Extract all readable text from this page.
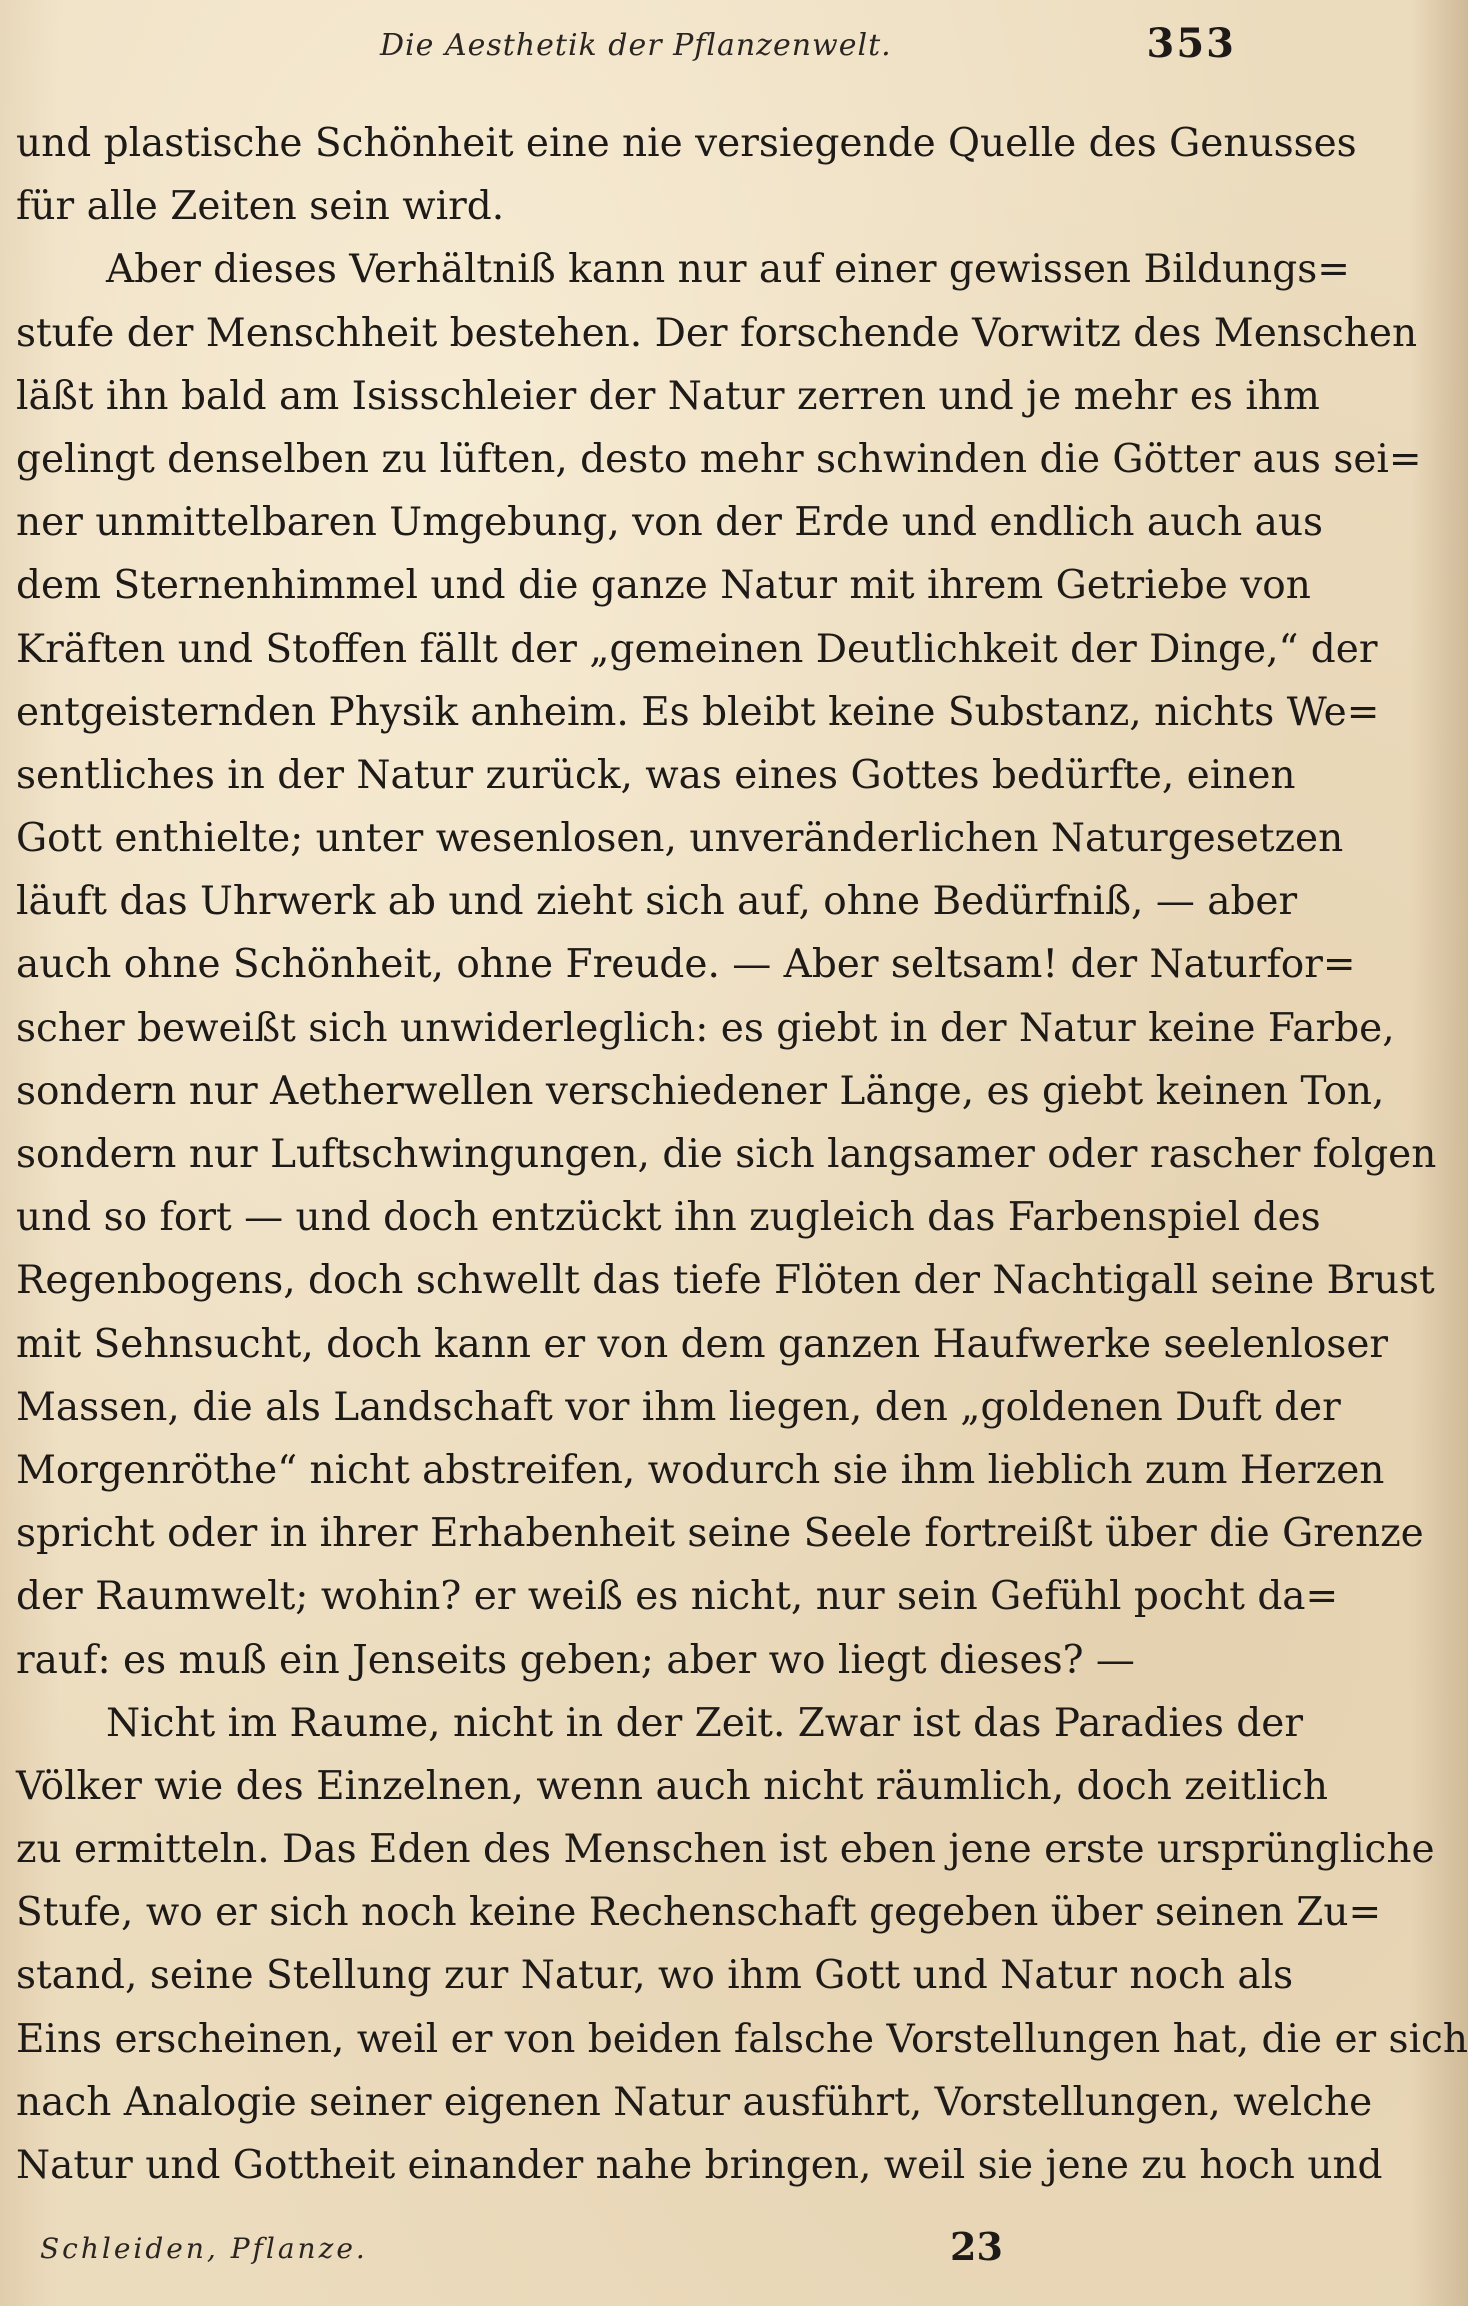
Die Aesthetik der Pflanzenwelt.	353
und plastische Schönheit eine nie versiegende Quelle des Genusses
für alle Zeiten sein wird.
Aber dieses Verhältniß kann nur auf einer gewissen Bildungs=
stufe der Menschheit bestehen. Der forschende Vorwitz des Menschen
läßt ihn bald am Isisschleier der Natur zerren und je mehr es ihm
gelingt denselben zu lüften, desto mehr schwinden die Götter aus sei=
ner unmittelbaren Umgebung, von der Erde und endlich auch aus
dem Sternenhimmel und die ganze Natur mit ihrem Getriebe von
Kräften und Stoffen fällt der „gemeinen Deutlichkeit der Dinge,“ der
entgeisternden Physik anheim. Es bleibt keine Substanz, nichts We=
sentliches in der Natur zurück, was eines Gottes bedürfte, einen
Gott enthielte; unter wesenlosen, unveränderlichen Naturgesetzen
läuft das Uhrwerk ab und zieht sich auf, ohne Bedürfniß, — aber
auch ohne Schönheit, ohne Freude. — Aber seltsam! der Naturfor=
scher beweißt sich unwiderleglich: es giebt in der Natur keine Farbe,
sondern nur Aetherwellen verschiedener Länge, es giebt keinen Ton,
sondern nur Luftschwingungen, die sich langsamer oder rascher folgen
und so fort — und doch entzückt ihn zugleich das Farbenspiel des
Regenbogens, doch schwellt das tiefe Flöten der Nachtigall seine Brust
mit Sehnsucht, doch kann er von dem ganzen Haufwerke seelenloser
Massen, die als Landschaft vor ihm liegen, den „goldenen Duft der
Morgenröthe“ nicht abstreifen, wodurch sie ihm lieblich zum Herzen
spricht oder in ihrer Erhabenheit seine Seele fortreißt über die Grenze
der Raumwelt; wohin? er weiß es nicht, nur sein Gefühl pocht da=
rauf: es muß ein Jenseits geben; aber wo liegt dieses? —
Nicht im Raume, nicht in der Zeit. Zwar ist das Paradies der
Völker wie des Einzelnen, wenn auch nicht räumlich, doch zeitlich
zu ermitteln. Das Eden des Menschen ist eben jene erste ursprüngliche
Stufe, wo er sich noch keine Rechenschaft gegeben über seinen Zu=
stand, seine Stellung zur Natur, wo ihm Gott und Natur noch als
Eins erscheinen, weil er von beiden falsche Vorstellungen hat, die er sich
nach Analogie seiner eigenen Natur ausführt, Vorstellungen, welche
Natur und Gottheit einander nahe bringen, weil sie jene zu hoch und
Schleiden, Pflanze.	23
